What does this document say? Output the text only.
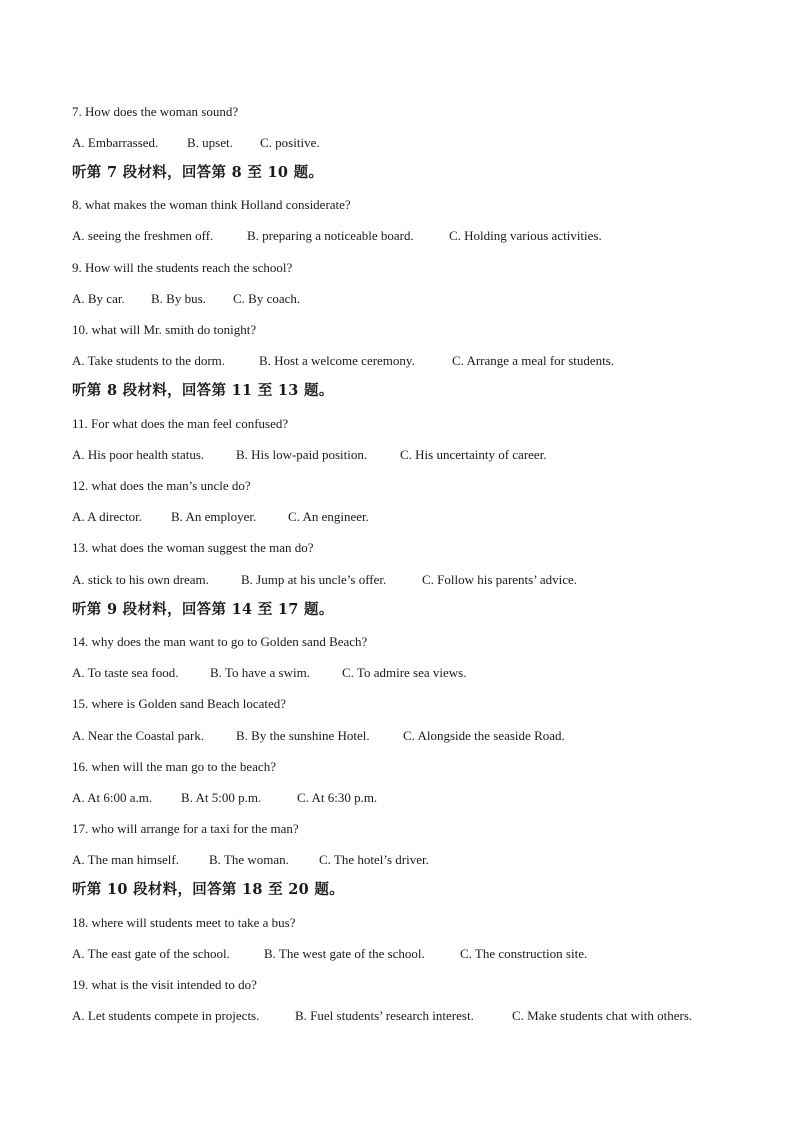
7. How does the woman sound?
A. Embarrassed. B. upset. C. positive.
听第 7 段材料，回答第 8 至 10 题。
8. what makes the woman think Holland considerate?
A. seeing the freshmen off.	B. preparing a noticeable board.	C. Holding various activities.
9. How will the students reach the school?
A. By car. B. By bus. C. By coach.
10. what will Mr. smith do tonight?
A. Take students to the dorm.	B. Host a welcome ceremony.	C. Arrange a meal for students.
听第 8 段材料，回答第 11 至 13 题。
11. For what does the man feel confused?
A. His poor health status. B. His low-paid position.	C. His uncertainty of career.
12. what does the man’s uncle do?
A. A director. B. An employer. C. An engineer.
13. what does the woman suggest the man do?
A. stick to his own dream. B. Jump at his uncle’s offer.	C. Follow his parents’ advice.
听第 9 段材料，回答第 14 至 17 题。
14. why does the man want to go to Golden sand Beach?
A. To taste sea food. B. To have a swim. C. To admire sea views.
15. where is Golden sand Beach located?
A. Near the Coastal park. B. By the sunshine Hotel.	C. Alongside the seaside Road.
16. when will the man go to the beach?
A. At 6:00 a.m. B. At 5:00 p.m.	C. At 6:30 p.m.
17. who will arrange for a taxi for the man?
A. The man himself. B. The woman. C. The hotel’s driver.
听第 10 段材料，回答第 18 至 20 题。
18. where will students meet to take a bus?
A. The east gate of the school.	B. The west gate of the school.	C. The construction site.
19. what is the visit intended to do?
A. Let students compete in projects.	B. Fuel students’ research interest.	C. Make students chat with others.
